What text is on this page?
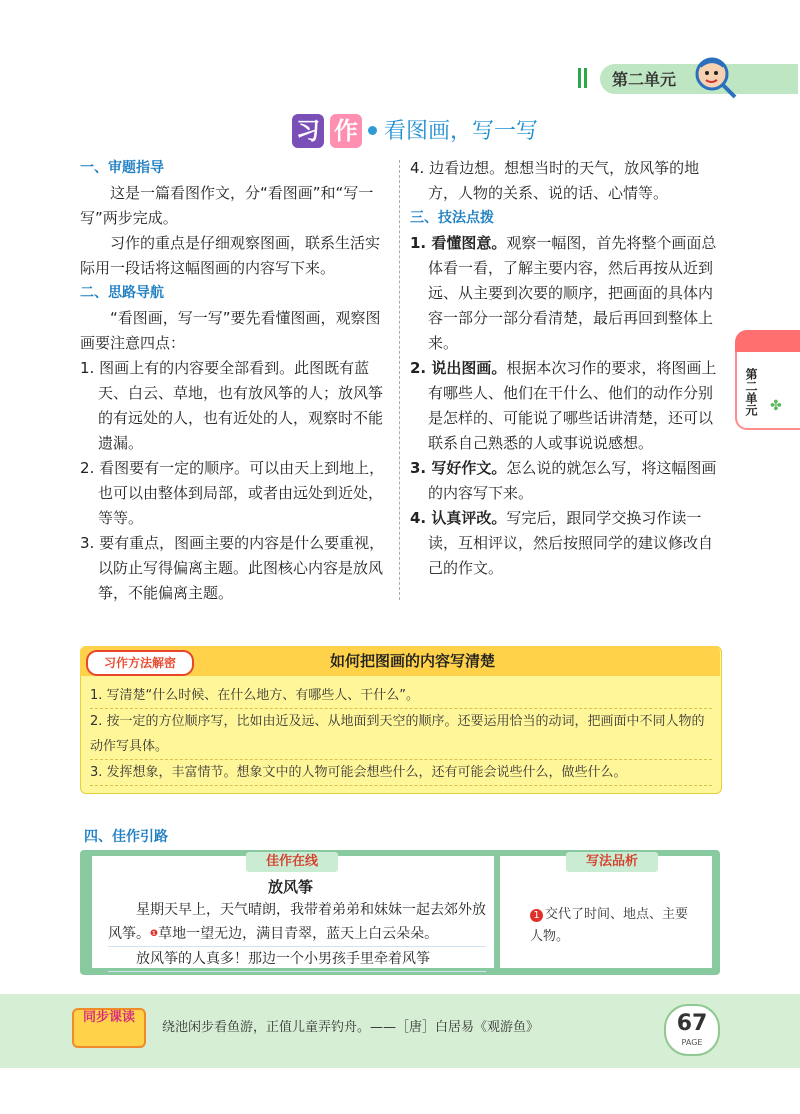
第二单元
习 作 看图画，写一写

一、审题指导

这是一篇看图作文，分“看图画”和“写一写”两步完成。

习作的重点是仔细观察图画，联系生活实际用一段话将这幅图画的内容写下来。

二、思路导航

“看图画，写一写”要先看懂图画，观察图画要注意四点：

1. 图画上有的内容要全部看到。此图既有蓝天、白云、草地，也有放风筝的人；放风筝的有远处的人，也有近处的人，观察时不能遗漏。

2. 看图要有一定的顺序。可以由天上到地上，也可以由整体到局部，或者由远处到近处，等等。

3. 要有重点，图画主要的内容是什么要重视，以防止写得偏离主题。此图核心内容是放风筝，不能偏离主题。

4. 边看边想。想想当时的天气，放风筝的地方，人物的关系、说的话、心情等。

三、技法点拨

1. 看懂图意。观察一幅图，首先将整个画面总体看一看，了解主要内容，然后再按从近到远、从主要到次要的顺序，把画面的具体内容一部分一部分看清楚，最后再回到整体上来。

2. 说出图画。根据本次习作的要求，将图画上有哪些人、他们在干什么、他们的动作分别是怎样的、可能说了哪些话讲清楚，还可以联系自己熟悉的人或事说说感想。

3. 写好作文。怎么说的就怎么写，将这幅图画的内容写下来。

4. 认真评改。写完后，跟同学交换习作读一读，互相评议，然后按照同学的建议修改自己的作文。

习作方法解密	如何把图画的内容写清楚

1. 写清楚“什么时候、在什么地方、有哪些人、干什么”。

2. 按一定的方位顺序写，比如由近及远、从地面到天空的顺序。还要运用恰当的动词，把画面中不同人物的动作写具体。

3. 发挥想象，丰富情节。想象文中的人物可能会想些什么，还有可能会说些什么，做些什么。

四、佳作引路
佳作在线	写法品析
放风筝

星期天早上，天气晴朗，我带着弟弟和妹妹一起去郊外放风筝。$^❶$草地一望无边，满目青翠，蓝天上白云朵朵。

放风筝的人真多！那边一个小男孩手里牵着风筝

1 交代了时间、地点、主要人物。
同步课读
绕池闲步看鱼游，正值儿童弄钓舟。——［唐］白居易《观游鱼》	67
PAGE
第二单元 ✤
